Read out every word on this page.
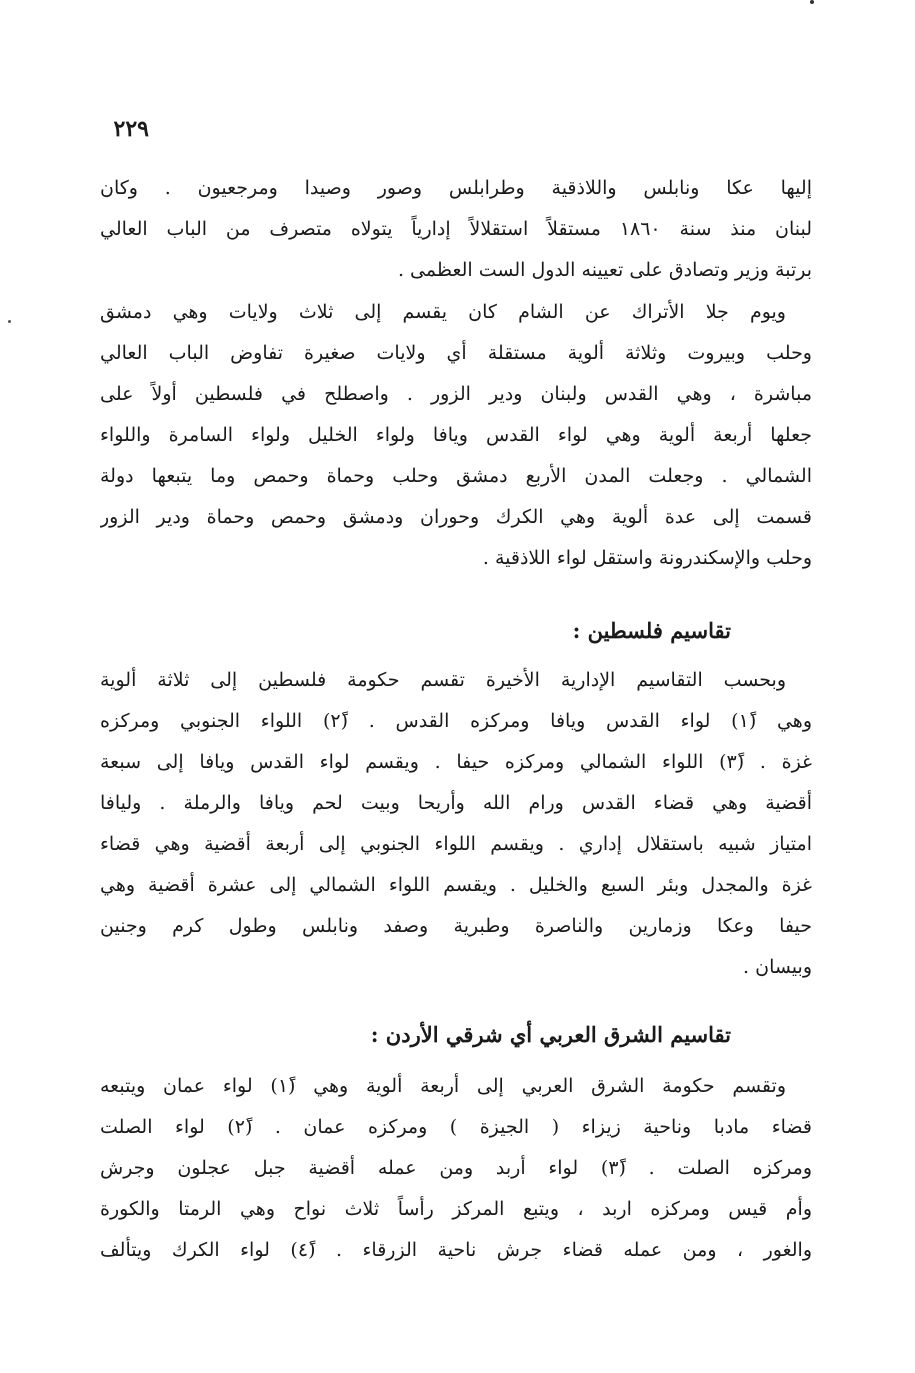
٢٢٩
إليها عكا ونابلس واللاذقية وطرابلس وصور وصيدا ومرجعيون . وكان
لبنان منذ سنة ١٨٦٠ مستقلاً استقلالاً إدارياً يتولاه متصرف من الباب العالي
برتبة وزير وتصادق على تعيينه الدول الست العظمى .
ويوم جلا الأتراك عن الشام كان يقسم إلى ثلاث ولايات وهي دمشق
وحلب وبيروت وثلاثة ألوية مستقلة أي ولايات صغيرة تفاوض الباب العالي
مباشرة ، وهي القدس ولبنان ودير الزور . واصطلح في فلسطين أولاً على
جعلها أربعة ألوية وهي لواء القدس ويافا ولواء الخليل ولواء السامرة واللواء
الشمالي . وجعلت المدن الأربع دمشق وحلب وحماة وحمص وما يتبعها دولة
قسمت إلى عدة ألوية وهي الكرك وحوران ودمشق وحمص وحماة ودير الزور
وحلب والإسكندرونة واستقل لواء اللاذقية .
تقاسيم فلسطين :
وبحسب التقاسيم الإدارية الأخيرة تقسم حكومة فلسطين إلى ثلاثة ألوية
وهي (١ً) لواء القدس ويافا ومركزه القدس . (٢ً) اللواء الجنوبي ومركزه
غزة . (٣ً) اللواء الشمالي ومركزه حيفا . ويقسم لواء القدس ويافا إلى سبعة
أقضية وهي قضاء القدس ورام الله وأريحا وبيت لحم ويافا والرملة . وليافا
امتياز شبيه باستقلال إداري . ويقسم اللواء الجنوبي إلى أربعة أقضية وهي قضاء
غزة والمجدل وبئر السبع والخليل . ويقسم اللواء الشمالي إلى عشرة أقضية وهي
حيفا وعكا وزمارين والناصرة وطبرية وصفد ونابلس وطول كرم وجنين
وبيسان .
تقاسيم الشرق العربي أي شرقي الأردن :
وتقسم حكومة الشرق العربي إلى أربعة ألوية وهي (١ً) لواء عمان ويتبعه
قضاء مادبا وناحية زيزاء ( الجيزة ) ومركزه عمان . (٢ً) لواء الصلت
ومركزه الصلت . (٣ً) لواء أربد ومن عمله أقضية جبل عجلون وجرش
وأم قيس ومركزه اربد ، ويتبع المركز رأساً ثلاث نواح وهي الرمتا والكورة
والغور ، ومن عمله قضاء جرش ناحية الزرقاء . (٤ً) لواء الكرك ويتألف
